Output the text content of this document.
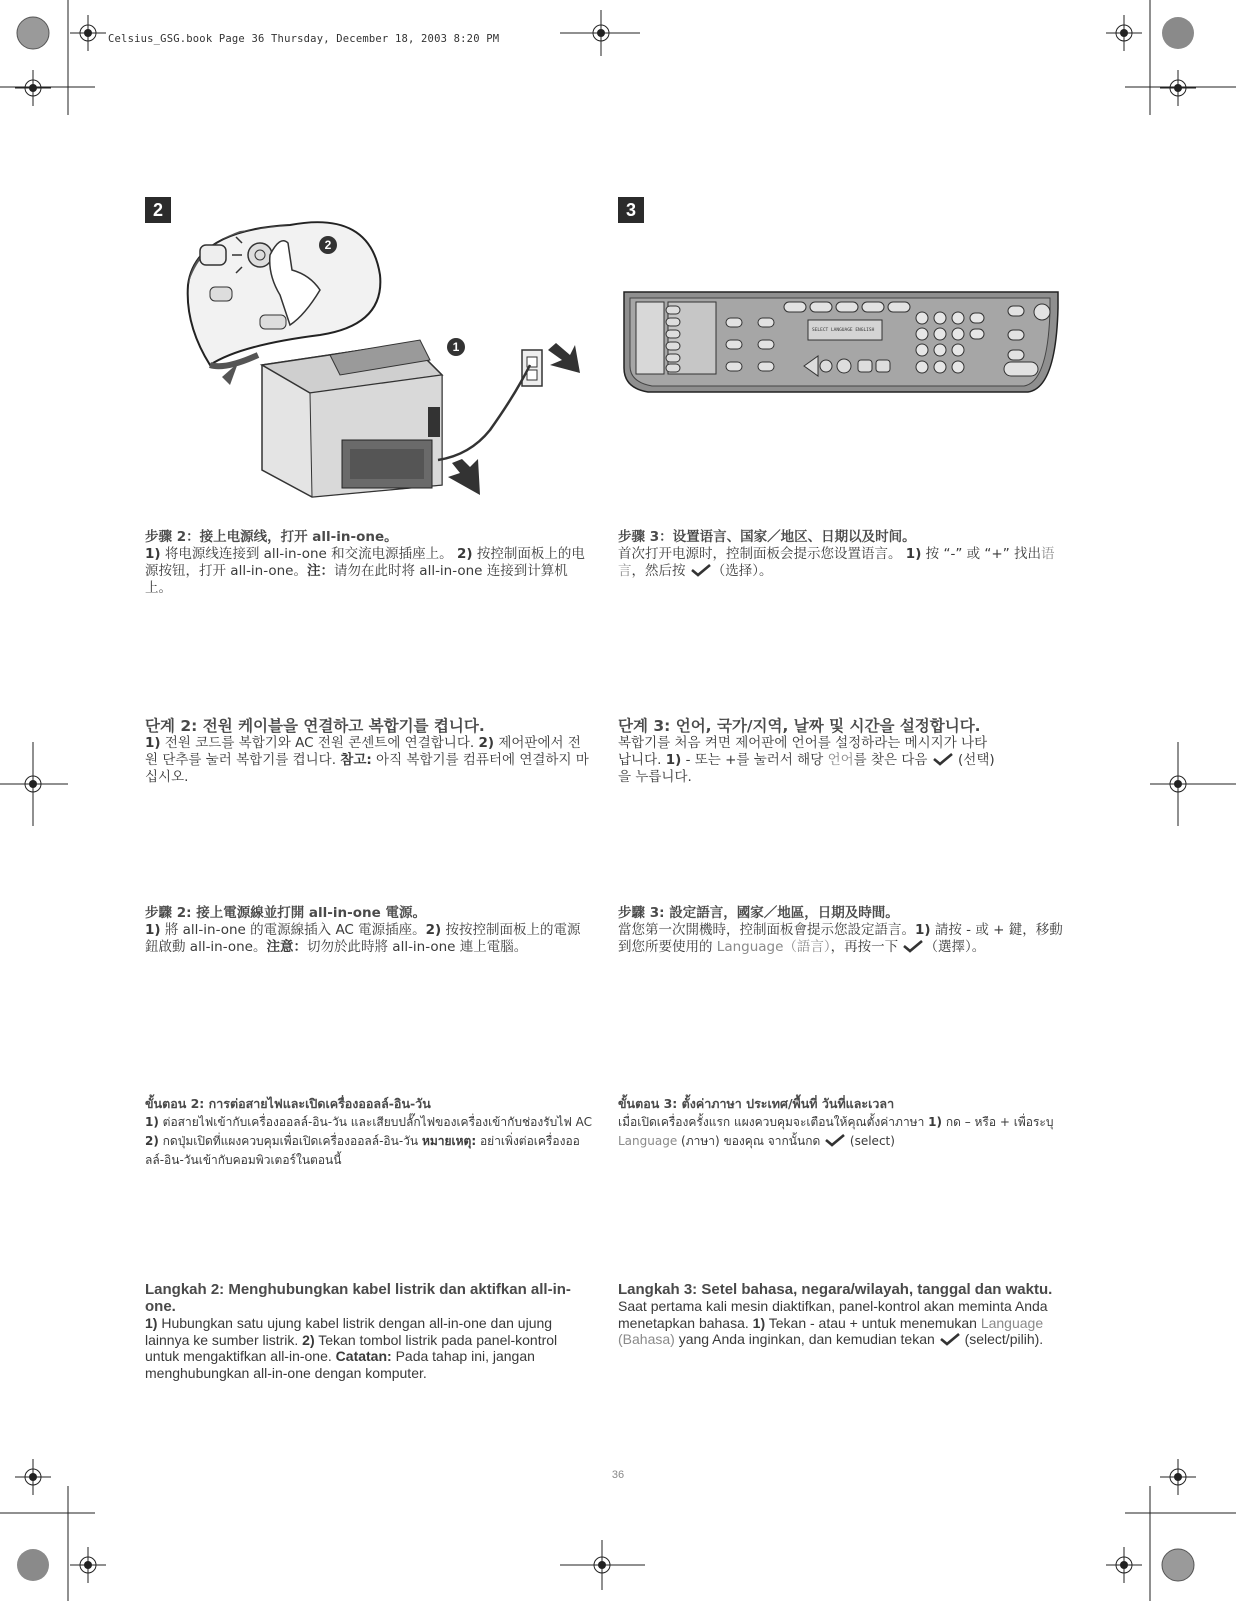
Celsius_GSG.book Page 36 Thursday, December 18, 2003 8:20 PM
2	3
2
1
SELECT LANGUAGE ENGLISH
步骤 2：接上电源线，打开 all-in-one。
1) 将电源线连接到 all-in-one 和交流电源插座上。 2) 按控制面板上的电源按钮，打开 all-in-one。注：请勿在此时将 all-in-one 连接到计算机上。
步骤 3：设置语言、国家／地区、日期以及时间。
首次打开电源时，控制面板会提示您设置语言。 1) 按 “-” 或 “+” 找出语言，然后按 （选择）。
단계 2: 전원 케이블을 연결하고 복합기를 켭니다.
1) 전원 코드를 복합기와 AC 전원 콘센트에 연결합니다. 2) 제어판에서 전원 단추를 눌러 복합기를 켭니다. 참고: 아직 복합기를 컴퓨터에 연결하지 마십시오.
단계 3: 언어, 국가/지역, 날짜 및 시간을 설정합니다.
복합기를 처음 켜면 제어판에 언어를 설정하라는 메시지가 나타납니다. 1) - 또는 +를 눌러서 해당 언어를 찾은 다음  (선택)을 누릅니다.
步驟 2: 接上電源線並打開 all-in-one 電源。
1) 將 all-in-one 的電源線插入 AC 電源插座。2) 按按控制面板上的電源鈕啟動 all-in-one。注意：切勿於此時將 all-in-one 連上電腦。
步驟 3: 設定語言，國家／地區，日期及時間。
當您第一次開機時，控制面板會提示您設定語言。1) 請按 - 或 + 鍵，移動到您所要使用的 Language（語言），再按一下 （選擇）。
ขั้นตอน 2: การต่อสายไฟและเปิดเครื่องออลล์-อิน-วัน
1) ต่อสายไฟเข้ากับเครื่องออลล์-อิน-วัน และเสียบปลั๊กไฟของเครื่องเข้ากับช่องรับไฟ AC 2) กดปุ่มเปิดที่แผงควบคุมเพื่อเปิดเครื่องออลล์-อิน-วัน หมายเหตุ: อย่าเพิ่งต่อเครื่องออลล์-อิน-วันเข้ากับคอมพิวเตอร์ในตอนนี้
ขั้นตอน 3: ตั้งค่าภาษา ประเทศ/พื้นที่ วันที่และเวลา
เมื่อเปิดเครื่องครั้งแรก แผงควบคุมจะเตือนให้คุณตั้งค่าภาษา 1) กด – หรือ + เพื่อระบุ Language (ภาษา) ของคุณ จากนั้นกด  (select)
Langkah 2: Menghubungkan kabel listrik dan aktifkan all-in-one.
1) Hubungkan satu ujung kabel listrik dengan all-in-one dan ujung lainnya ke sumber listrik. 2) Tekan tombol listrik pada panel-kontrol untuk mengaktifkan all-in-one. Catatan: Pada tahap ini, jangan menghubungkan all-in-one dengan komputer.
Langkah 3: Setel bahasa, negara/wilayah, tanggal dan waktu.
Saat pertama kali mesin diaktifkan, panel-kontrol akan meminta Anda menetapkan bahasa. 1) Tekan - atau + untuk menemukan Language (Bahasa) yang Anda inginkan, dan kemudian tekan  (select/pilih).
36
